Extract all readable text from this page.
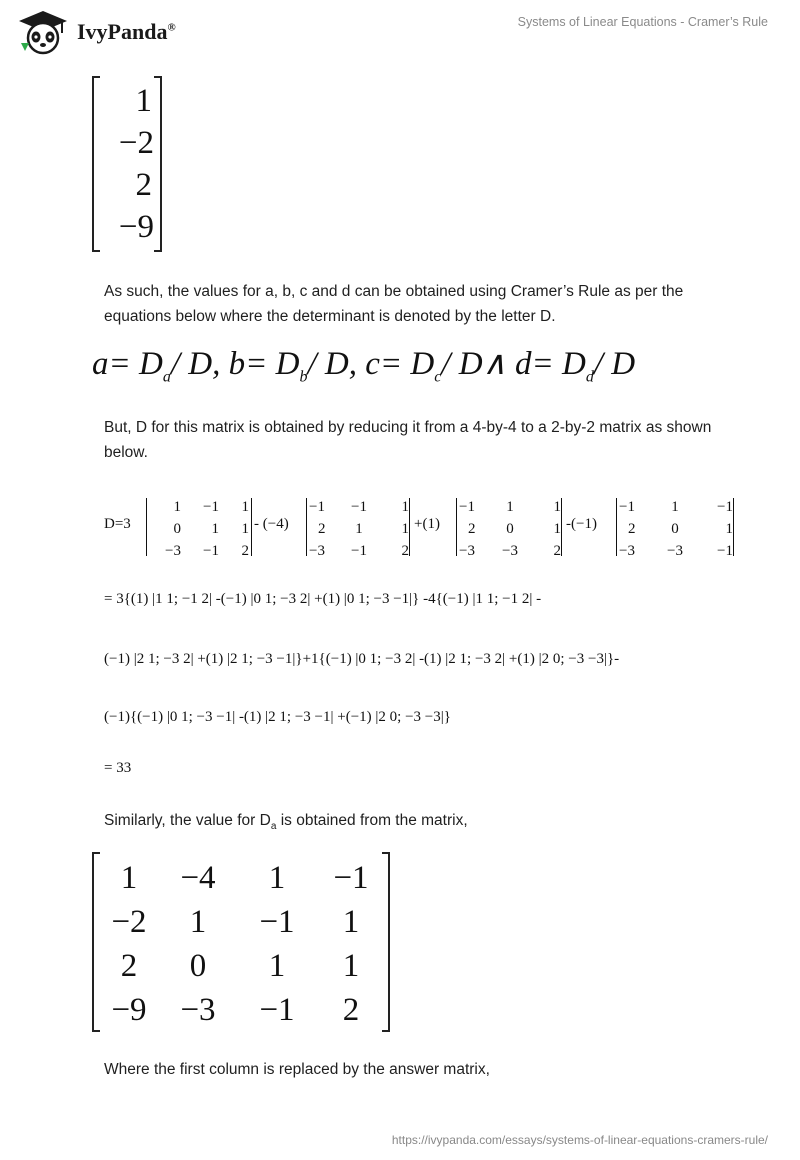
IvyPanda®	Systems of Linear Equations - Cramer’s Rule
1
−2
2
−9
As such, the values for a, b, c and d can be obtained using Cramer’s Rule as per the equations below where the determinant is denoted by the letter D.
$a= D_a/$ D, $b= D_b/$ D, $c= D_c/$ D∧ $d= D_d/$ D
But, D for this matrix is obtained by reducing it from a 4-by-4 to a 2-by-2 matrix as shown below.
D=3
1	−1	1
0	1	1
−3	−1	2
- (−4)
−1	−1	1
2	1	1
−3	−1	2
+(1)
−1	1	1
2	0	1
−3	−3	2
-(−1)
−1	1	−1
2	0	1
−3	−3	−1
= 3{(1) |1 1; −1 2| -(−1) |0 1; −3 2| +(1) |0 1; −3 −1|} -4{(−1) |1 1; −1 2| -
(−1) |2 1; −3 2| +(1) |2 1; −3 −1|}+1{(−1) |0 1; −3 2| -(1) |2 1; −3 2| +(1) |2 0; −3 −3|}-
(−1){(−1) |0 1; −3 −1| -(1) |2 1; −3 −1| +(−1) |2 0; −3 −3|}
= 33
Similarly, the value for $D_a$ is obtained from the matrix,
1	−4	1	−1
−2	1	−1	1
2	0	1	1
−9	−3	−1	2
Where the first column is replaced by the answer matrix,
https://ivypanda.com/essays/systems-of-linear-equations-cramers-rule/
